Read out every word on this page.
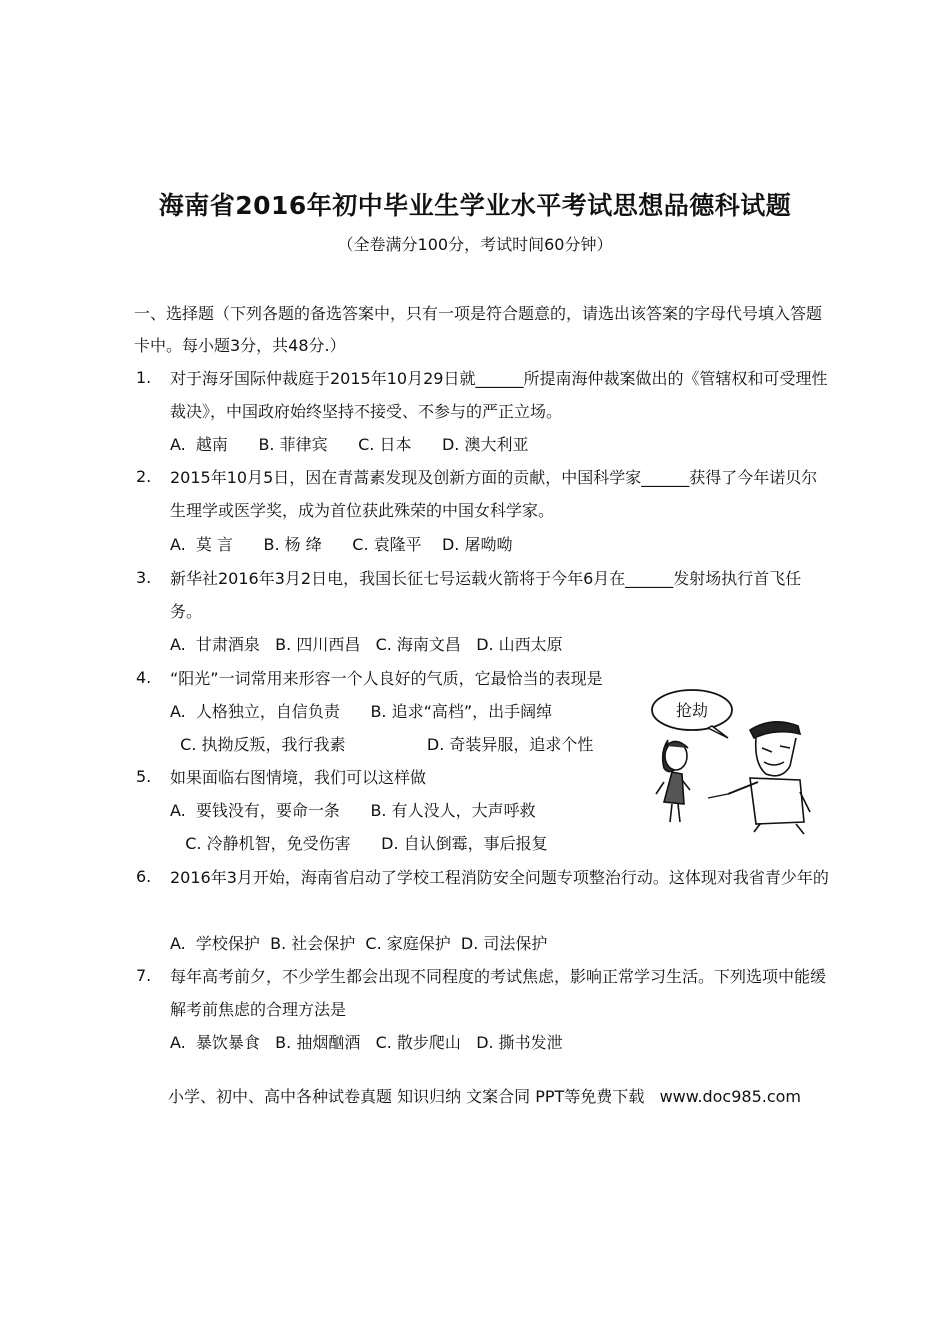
海南省2016年初中毕业生学业水平考试思想品德科试题
（全卷满分100分，考试时间60分钟）
一、选择题（下列各题的备选答案中，只有一项是符合题意的，请选出该答案的字母代号填入答题卡中。每小题3分，共48分.）
1. 对于海牙国际仲裁庭于2015年10月29日就______所提南海仲裁案做出的《管辖权和可受理性裁决》，中国政府始终坚持不接受、不参与的严正立场。
A.  越南      B. 菲律宾      C. 日本      D. 澳大利亚
2. 2015年10月5日，因在青蒿素发现及创新方面的贡献，中国科学家______获得了今年诺贝尔生理学或医学奖，成为首位获此殊荣的中国女科学家。
A.  莫 言      B. 杨 绛      C. 袁隆平    D. 屠呦呦
3. 新华社2016年3月2日电，我国长征七号运载火箭将于今年6月在______发射场执行首飞任务。
A.  甘肃酒泉   B. 四川西昌   C. 海南文昌   D. 山西太原
4. “阳光”一词常用来形容一个人良好的气质，它最恰当的表现是
A.  人格独立，自信负责      B. 追求“高档”，出手阔绰
C. 执拗反叛，我行我素                D. 奇装异服，追求个性
5. 如果面临右图情境，我们可以这样做
A.  要钱没有，要命一条      B. 有人没人，大声呼救
C. 冷静机智，免受伤害      D. 自认倒霉，事后报复
6. 2016年3月开始，海南省启动了学校工程消防安全问题专项整治行动。这体现对我省青少年的
A.  学校保护  B. 社会保护  C. 家庭保护  D. 司法保护
7. 每年高考前夕，不少学生都会出现不同程度的考试焦虑，影响正常学习生活。下列选项中能缓解考前焦虑的合理方法是
A.  暴饮暴食   B. 抽烟酗酒   C. 散步爬山   D. 撕书发泄
抢劫
小学、初中、高中各种试卷真题 知识归纳 文案合同 PPT等免费下载   www.doc985.com
